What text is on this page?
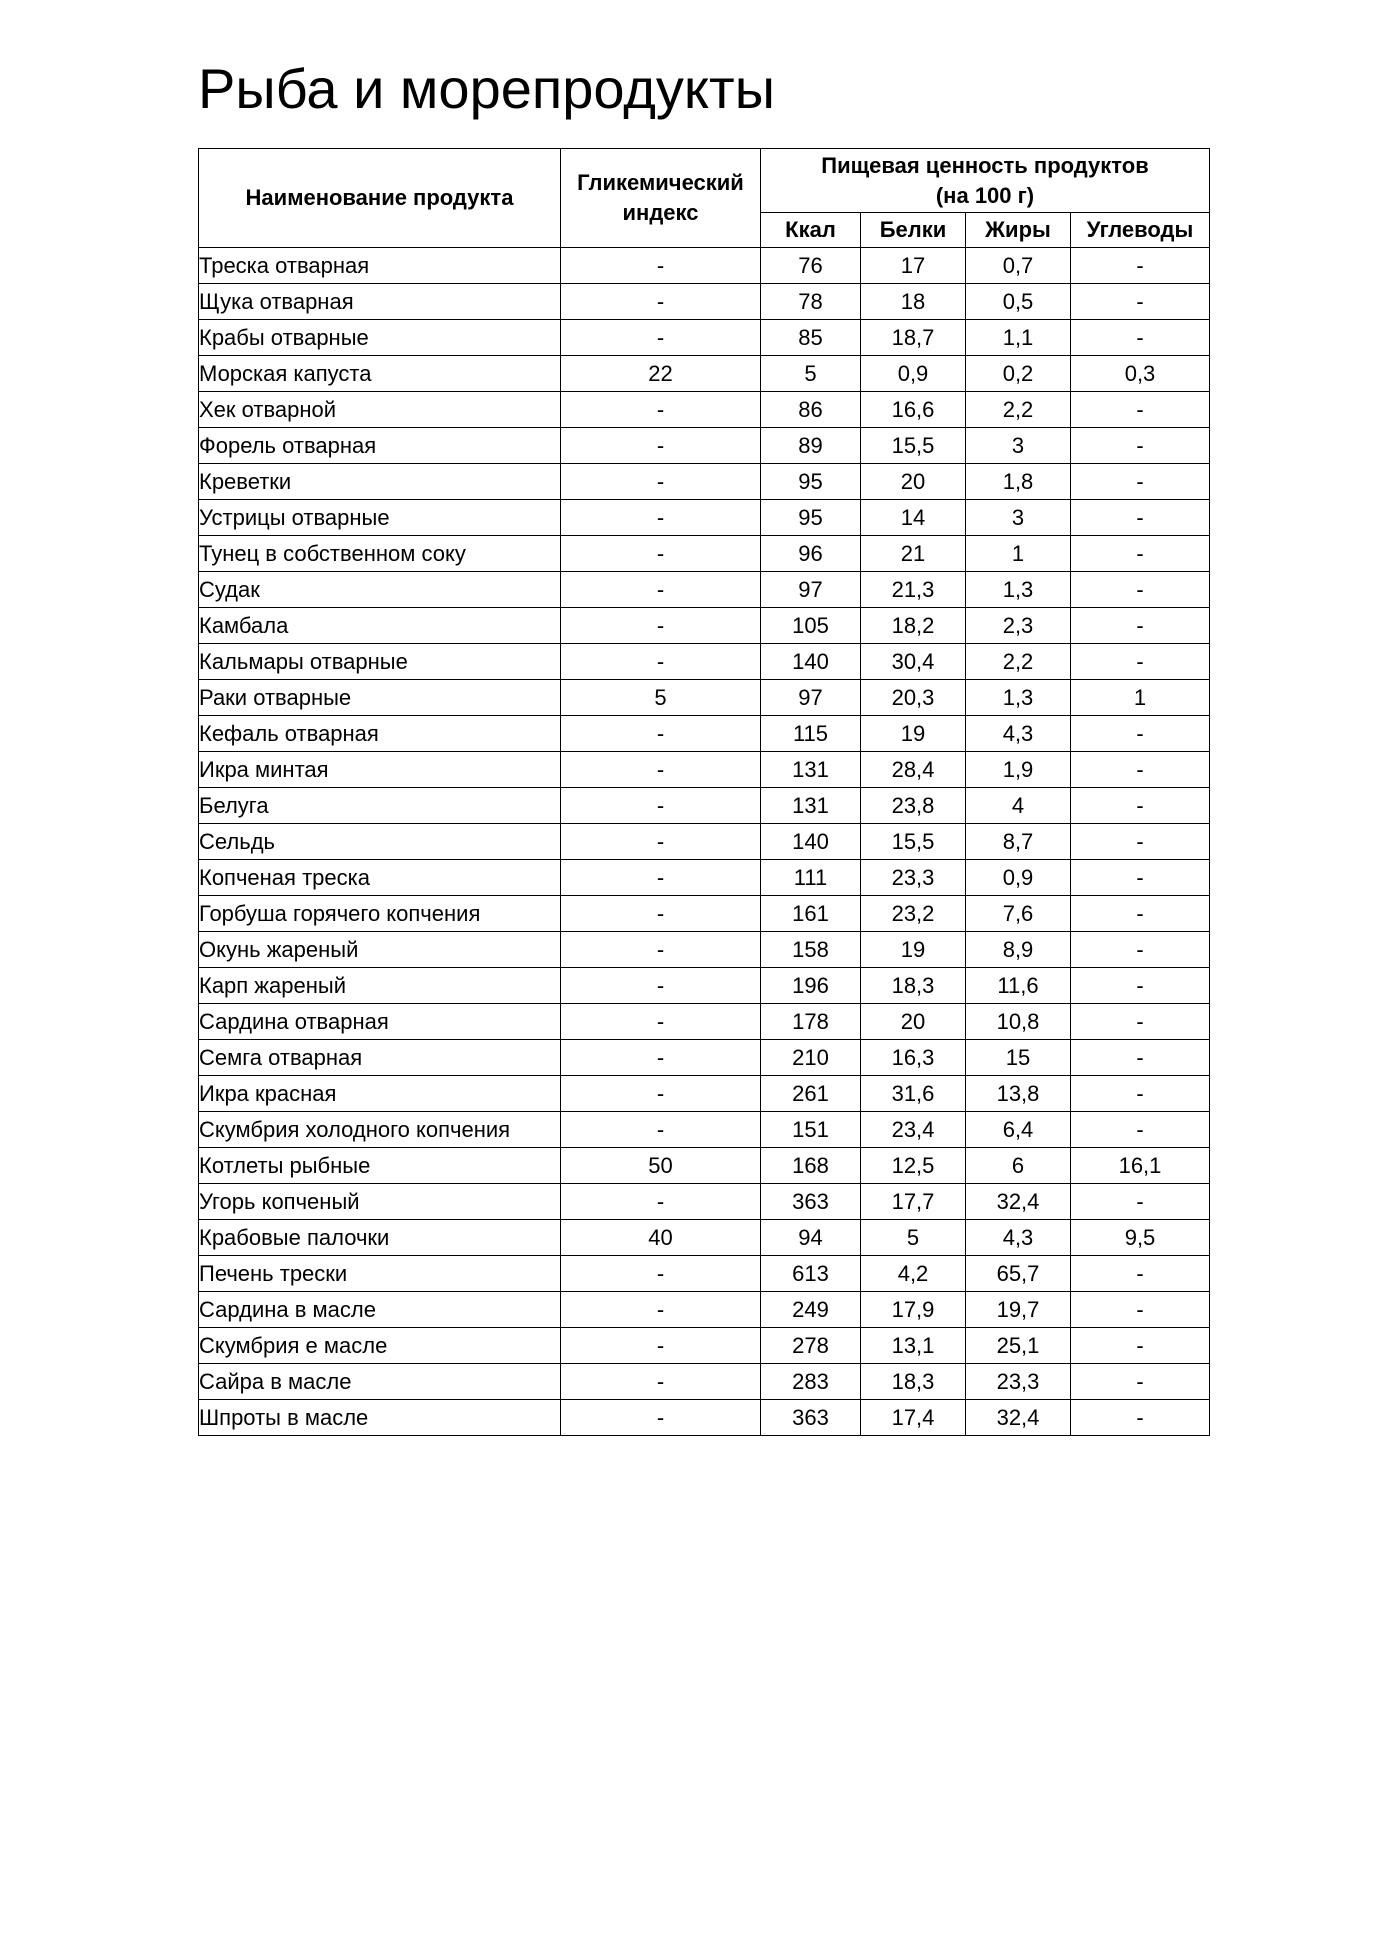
Рыба и морепродукты
Наименование продукта	Гликемический индекс	Пищевая ценность продуктов
(на 100 г)			

		Ккал	Белки	Жиры	Углеводы
Треска отварная	-	76	17	0,7	-
Щука отварная	-	78	18	0,5	-
Крабы отварные	-	85	18,7	1,1	-
Морская капуста	22	5	0,9	0,2	0,3
Хек отварной	-	86	16,6	2,2	-
Форель отварная	-	89	15,5	3	-
Креветки	-	95	20	1,8	-
Устрицы отварные	-	95	14	3	-
Тунец в собственном соку	-	96	21	1	-
Судак	-	97	21,3	1,3	-
Камбала	-	105	18,2	2,3	-
Кальмары отварные	-	140	30,4	2,2	-
Раки отварные	5	97	20,3	1,3	1
Кефаль отварная	-	115	19	4,3	-
Икра минтая	-	131	28,4	1,9	-
Белуга	-	131	23,8	4	-
Сельдь	-	140	15,5	8,7	-
Копченая треска	-	111	23,3	0,9	-
Горбуша горячего копчения	-	161	23,2	7,6	-
Окунь жареный	-	158	19	8,9	-
Карп жареный	-	196	18,3	11,6	-
Сардина отварная	-	178	20	10,8	-
Семга отварная	-	210	16,3	15	-
Икра красная	-	261	31,6	13,8	-
Скумбрия холодного копчения	-	151	23,4	6,4	-
Котлеты рыбные	50	168	12,5	6	16,1
Угорь копченый	-	363	17,7	32,4	-
Крабовые палочки	40	94	5	4,3	9,5
Печень трески	-	613	4,2	65,7	-
Сардина в масле	-	249	17,9	19,7	-
Скумбрия е масле	-	278	13,1	25,1	-
Сайра в масле	-	283	18,3	23,3	-
Шпроты в масле	-	363	17,4	32,4	-
